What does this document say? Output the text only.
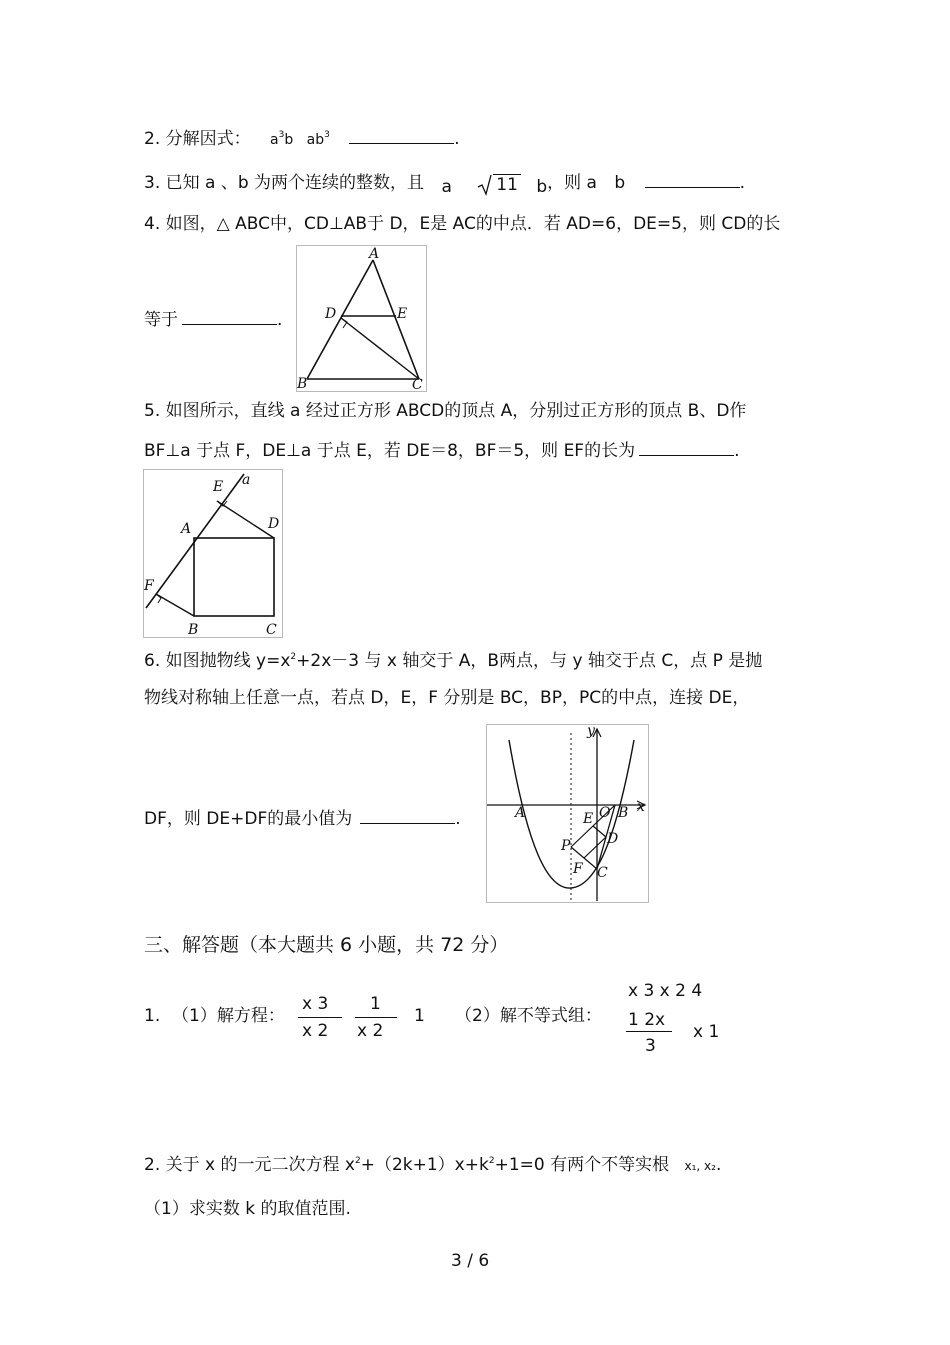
2. 分解因式： $a^3b$ $ab^3$	.
3. 已知 a 、b 为两个连续的整数，且 a	11 b，则 a b	.
4. 如图，△ ABC中，CD⊥AB于 D，E是 AC的中点．若 AD=6，DE=5，则 CD的长
等于	.
A
B	C
D	E
5. 如图所示，直线 a 经过正方形 ABCD的顶点 A，分别过正方形的顶点 B、D作
BF⊥a 于点 F，DE⊥a 于点 E，若 DE＝8，BF＝5，则 EF的长为	.
E a
A	D
F
B	C
6. 如图抛物线 $y=x^2+2x-3$ 与 x 轴交于 A，B两点，与 y 轴交于点 C，点 P 是抛
物线对称轴上任意一点，若点 D，E，F 分别是 BC，BP，PC的中点，连接 DE，
DF，则 DE+DF的最小值为	.
x
y
A	O B
E
D
P
F C
三、解答题（本大题共 6 小题，共 72 分）
1. （1）解方程：
x 3
x 2
1
x 2
1 （2）解不等式组：
x 3 x 2 4
1 2x
3
x 1
2. 关于 x 的一元二次方程 $x^2+(2k+1)x+k^2+1=0$ 有两个不等实根 x₁, x₂.
（1）求实数 k 的取值范围.
3 / 6
